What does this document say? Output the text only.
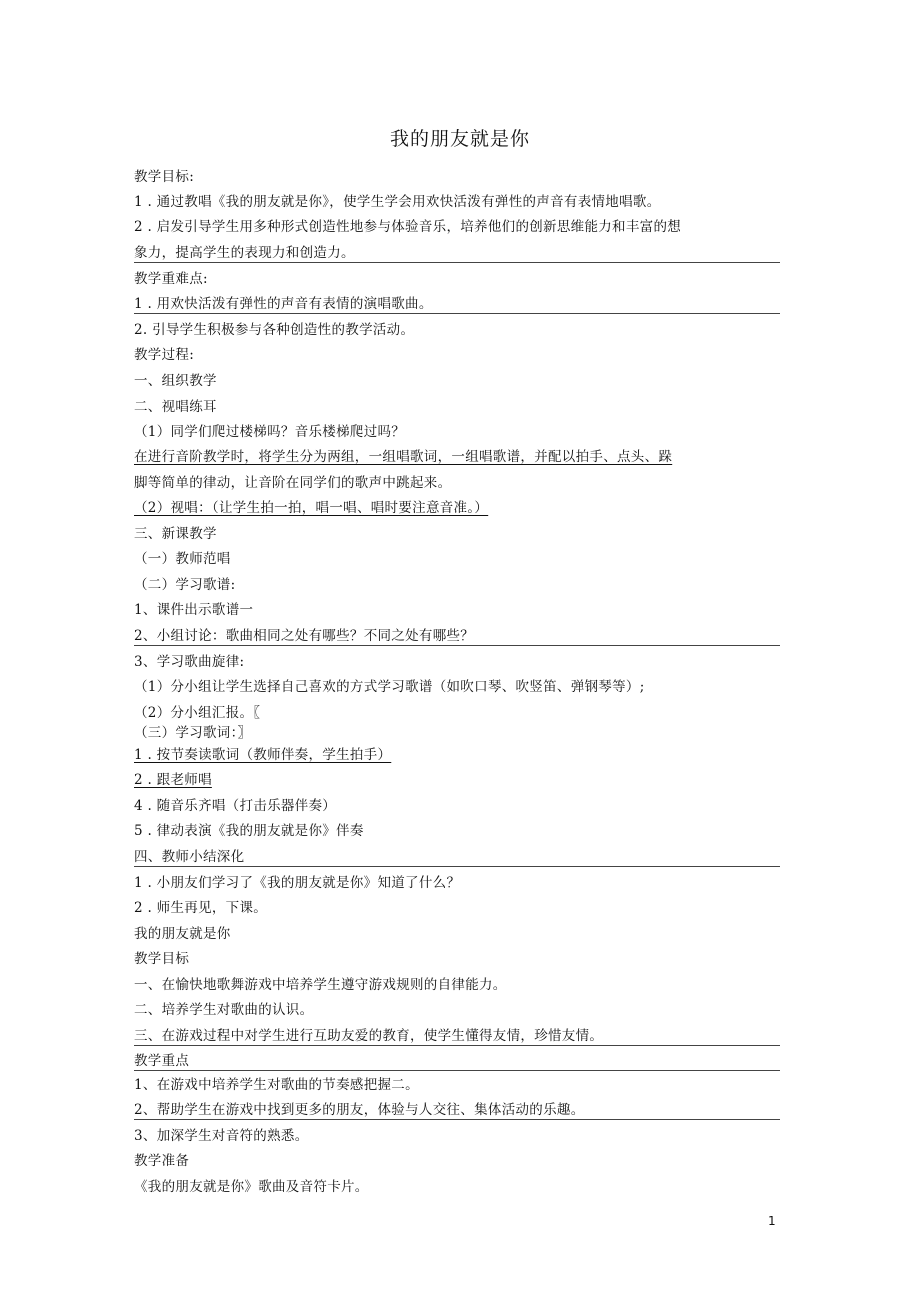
我的朋友就是你
教学目标:
1 . 通过教唱《我的朋友就是你》，使学生学会用欢快活泼有弹性的声音有表情地唱歌。
2 . 启发引导学生用多种形式创造性地参与体验音乐，培养他们的创新思维能力和丰富的想
象力，提高学生的表现力和创造力。
教学重难点:
1 . 用欢快活泼有弹性的声音有表情的演唱歌曲。
2. 引导学生积极参与各种创造性的教学活动。
教学过程:
一、组织教学
二、视唱练耳
（1）同学们爬过楼梯吗？音乐楼梯爬过吗？
在进行音阶教学时，将学生分为两组，一组唱歌词，一组唱歌谱，并配以拍手、点头、跺
脚等简单的律动，让音阶在同学们的歌声中跳起来。
（2）视唱：（让学生拍一拍，唱一唱、唱时要注意音准。）
三、新课教学
（一）教师范唱
（二）学习歌谱:
1、课件出示歌谱一
2、小组讨论：歌曲相同之处有哪些？不同之处有哪些？
3、学习歌曲旋律:
（1）分小组让学生选择自己喜欢的方式学习歌谱（如吹口琴、吹竖笛、弹钢琴等）;
（2）分小组汇报。〖
（三）学习歌词：〗
1 . 按节奏读歌词（教师伴奏，学生拍手）
2 . 跟老师唱
4 . 随音乐齐唱（打击乐器伴奏）
5 . 律动表演《我的朋友就是你》伴奏
四、教师小结深化
1 . 小朋友们学习了《我的朋友就是你》知道了什么？
2 . 师生再见，下课。
我的朋友就是你
教学目标
一、在愉快地歌舞游戏中培养学生遵守游戏规则的自律能力。
二、培养学生对歌曲的认识。
三、在游戏过程中对学生进行互助友爱的教育，使学生懂得友情，珍惜友情。
教学重点
1、在游戏中培养学生对歌曲的节奏感把握二。
2、帮助学生在游戏中找到更多的朋友，体验与人交往、集体活动的乐趣。
3、加深学生对音符的熟悉。
教学准备
《我的朋友就是你》歌曲及音符卡片。
1
